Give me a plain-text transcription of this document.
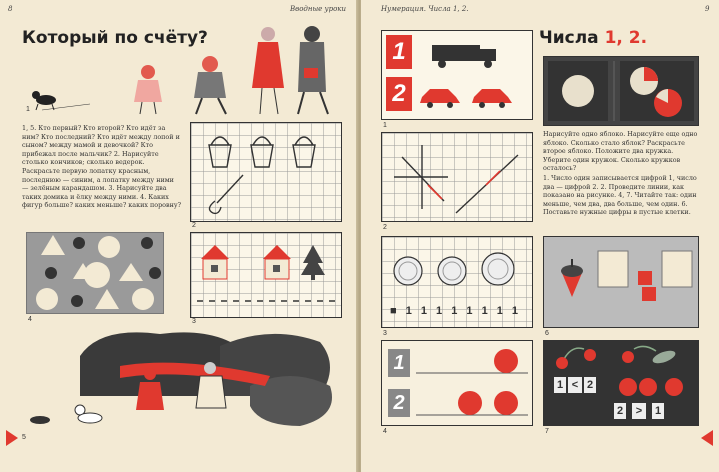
8	Вводные уроки
Который по счёту?
1
1, 5. Кто первый? Кто второй? Кто идёт за ним? Кто последний? Кто идёт между лопой и сыном? между мамой и девочкой? Кто прибежал после мальчик? 2. Нарисуйте столько кончиков; сколько ведерок. Раскрасьте первую лопатку красным, последнюю — синим, а лопатку между ними — зелёным карандашом. 3. Нарисуйте два таких домика и ёлку между ними. 4. Каких фигур больше? каких меньше? каких поровну?
2
4	3
5
Нумерация. Числа 1, 2.	9
1
2
1
Числа 1, 2.
Нарисуйте одно яблоко. Нарисуйте еще одно яблоко. Сколько стало яблок? Раскрасьте второе яблоко. Положите два кружка. Уберите один кружок. Сколько кружков осталось?
1. Число один записывается цифрой 1, число два — цифрой 2. 2. Проведите линии, как показано на рисунке. 4, 7. Читайте так: один меньше, чем два, два больше, чем один. 6. Поставьте нужные цифры в пустые клетки.
2
■ 1 1 1 1 1 1 1 1
3	6
1
2
4
1 < 2
2	>	1
7
